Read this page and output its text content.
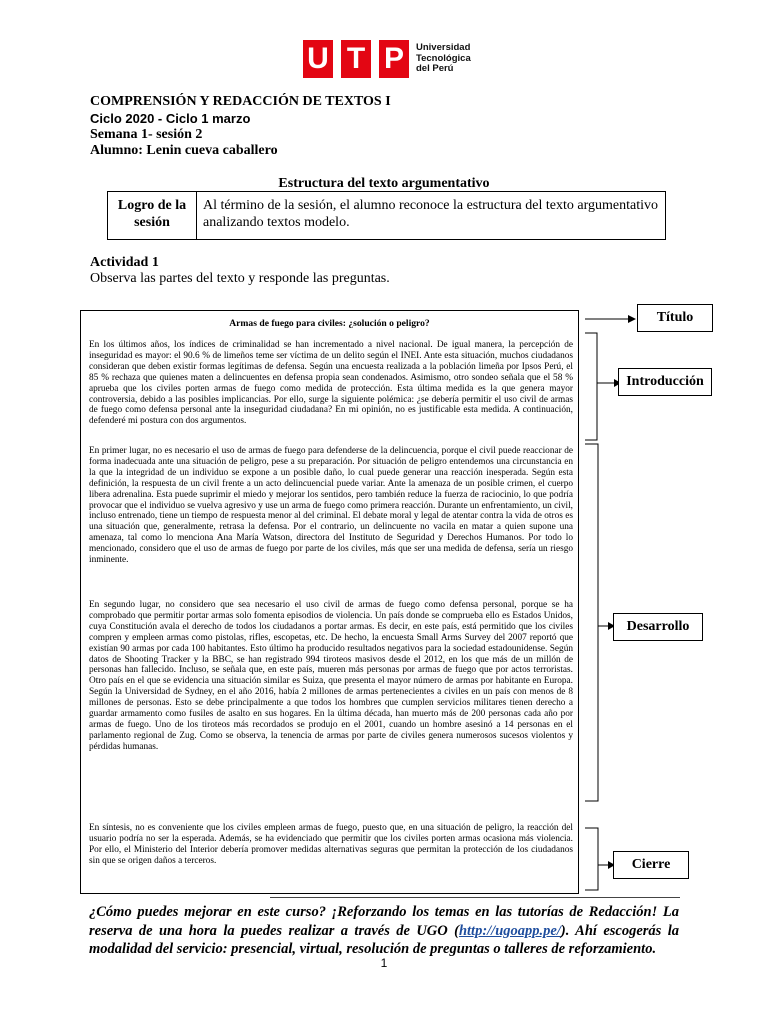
U T P	Universidad
Tecnológica
del Perú
COMPRENSIÓN Y REDACCIÓN DE TEXTOS I
Ciclo 2020 - Ciclo 1 marzo
Semana 1- sesión 2
Alumno: Lenin cueva caballero
Estructura del texto argumentativo
Logro de la sesión
Al término de la sesión, el alumno reconoce la estructura del texto argumentativo analizando textos modelo.
Actividad 1
Observa las partes del texto y responde las preguntas.
Armas de fuego para civiles: ¿solución o peligro?
En los últimos años, los índices de criminalidad se han incrementado a nivel nacional. De igual manera, la percepción de inseguridad es mayor: el 90.6 % de limeños teme ser víctima de un delito según el INEI. Ante esta situación, muchos ciudadanos consideran que deben existir formas legítimas de defensa. Según una encuesta realizada a la población limeña por Ipsos Perú, el 85 % rechaza que quienes maten a delincuentes en defensa propia sean condenados. Asimismo, otro sondeo señala que el 58 % aprueba que los civiles porten armas de fuego como medida de protección. Esta última medida es la que genera mayor controversia, debido a las posibles implicancias. Por ello, surge la siguiente polémica: ¿se debería permitir el uso civil de armas de fuego como defensa personal ante la inseguridad ciudadana? En mi opinión, no es justificable esta medida. A continuación, defenderé mi postura con dos argumentos.
En primer lugar, no es necesario el uso de armas de fuego para defenderse de la delincuencia, porque el civil puede reaccionar de forma inadecuada ante una situación de peligro, pese a su preparación. Por situación de peligro entendemos una circunstancia en la que la integridad de un individuo se expone a un posible daño, lo cual puede generar una reacción inesperada. Según esta definición, la respuesta de un civil frente a un acto delincuencial puede variar. Ante la amenaza de un posible crimen, el cuerpo libera adrenalina. Esta puede suprimir el miedo y mejorar los sentidos, pero también reduce la fuerza de raciocinio, lo que podría provocar que el individuo se vuelva agresivo y use un arma de fuego como primera reacción. Durante un enfrentamiento, un civil, incluso entrenado, tiene un tiempo de respuesta menor al del criminal. El debate moral y legal de atentar contra la vida de otros es una situación que, generalmente, retrasa la defensa. Por el contrario, un delincuente no vacila en matar a quien supone una amenaza, tal como lo menciona Ana María Watson, directora del Instituto de Seguridad y Derechos Humanos. Por todo lo mencionado, considero que el uso de armas de fuego por parte de los civiles, más que ser una medida de defensa, sería un riesgo inminente.
En segundo lugar, no considero que sea necesario el uso civil de armas de fuego como defensa personal, porque se ha comprobado que permitir portar armas solo fomenta episodios de violencia. Un país donde se comprueba ello es Estados Unidos, cuya Constitución avala el derecho de todos los ciudadanos a portar armas. Es decir, en este país, está permitido que los civiles compren y empleen armas como pistolas, rifles, escopetas, etc. De hecho, la encuesta Small Arms Survey del 2007 reportó que existían 90 armas por cada 100 habitantes. Esto último ha producido resultados negativos para la sociedad estadounidense. Según datos de Shooting Tracker y la BBC, se han registrado 994 tiroteos masivos desde el 2012, en los que más de un millón de personas han fallecido. Incluso, se señala que, en este país, mueren más personas por armas de fuego que por actos terroristas. Otro país en el que se evidencia una situación similar es Suiza, que presenta el mayor número de armas por habitante en Europa. Según la Universidad de Sydney, en el año 2016, había 2 millones de armas pertenecientes a civiles en un país con menos de 8 millones de personas. Esto se debe principalmente a que todos los hombres que cumplen servicios militares tienen derecho a guardar armamento como fusiles de asalto en sus hogares. En la última década, han muerto más de 200 personas cada año por armas de fuego. Uno de los tiroteos más recordados se produjo en el 2001, cuando un hombre asesinó a 14 personas en el parlamento regional de Zug. Como se observa, la tenencia de armas por parte de civiles genera numerosos sucesos violentos y pérdidas humanas.
En síntesis, no es conveniente que los civiles empleen armas de fuego, puesto que, en una situación de peligro, la reacción del usuario podría no ser la esperada. Además, se ha evidenciado que permitir que los civiles porten armas ocasiona más violencia. Por ello, el Ministerio del Interior debería promover medidas alternativas seguras que permitan la protección de los ciudadanos sin que se origen daños a terceros.
Título
Introducción
Desarrollo
Cierre
¿Cómo puedes mejorar en este curso? ¡Reforzando los temas en las tutorías de Redacción! La reserva de una hora la puedes realizar a través de UGO (http://ugoapp.pe/). Ahí escogerás la modalidad del servicio: presencial, virtual, resolución de preguntas o talleres de reforzamiento.
1
